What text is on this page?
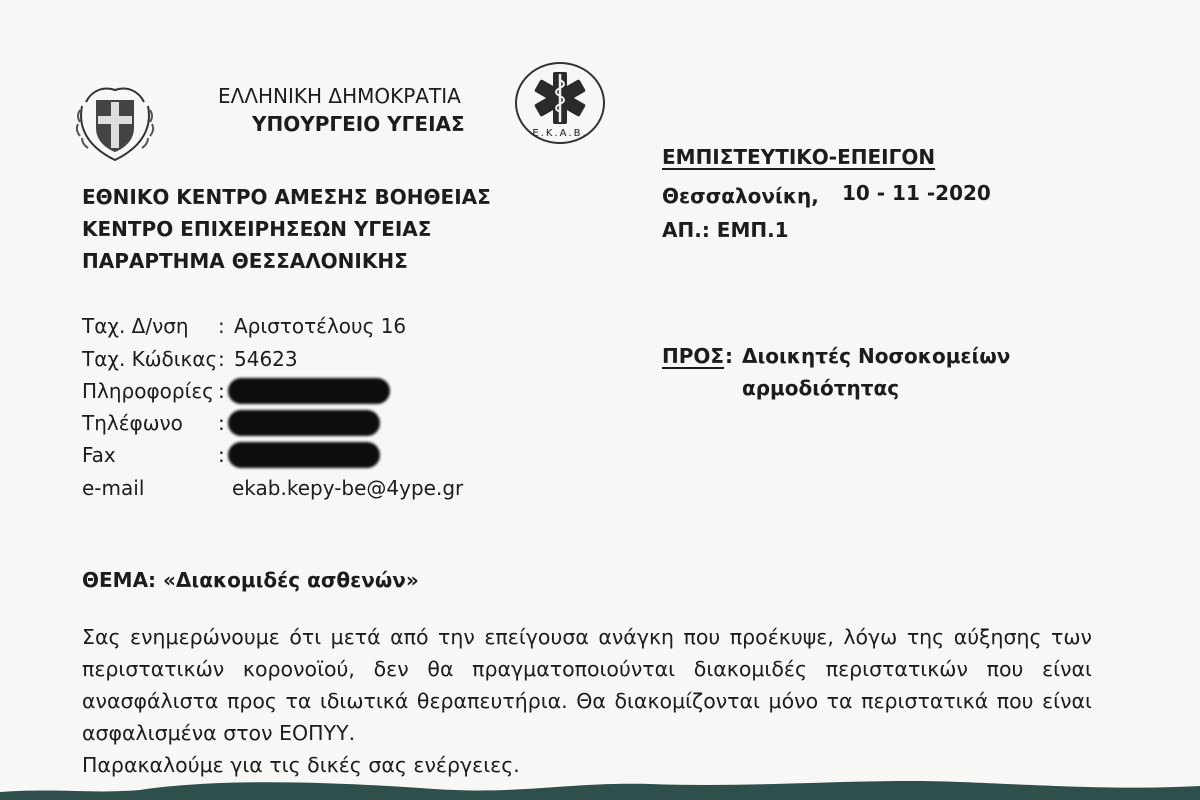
ΕΛΛΗΝΙΚΗ ΔΗΜΟΚΡΑΤΙΑ
ΥΠΟΥΡΓΕΙΟ ΥΓΕΙΑΣ	Ε.Κ.Α.Β.
ΕΘΝΙΚΟ ΚΕΝΤΡΟ ΑΜΕΣΗΣ ΒΟΗΘΕΙΑΣ
ΚΕΝΤΡΟ ΕΠΙΧΕΙΡΗΣΕΩΝ ΥΓΕΙΑΣ
ΠΑΡΑΡΤΗΜΑ ΘΕΣΣΑΛΟΝΙΚΗΣ
ΕΜΠΙΣΤΕΥΤΙΚΟ-ΕΠΕΙΓΟΝ
Θεσσαλονίκη, 10 - 11 -2020
ΑΠ.: ΕΜΠ.1
Ταχ. Δ/νση : Αριστοτέλους 16
Ταχ. Κώδικας : 54623
Πληροφορίες :
Τηλέφωνο :
Fax	:
e-mail	ekab.kepy-be@4ype.gr
ΠΡΟΣ : Διοικητές Νοσοκομείων
αρμοδιότητας
ΘΕΜΑ: «Διακομιδές ασθενών»

Σας ενημερώνουμε ότι μετά από την επείγουσα ανάγκη που προέκυψε, λόγω της αύξησης των

περιστατικών κορονοϊού, δεν θα πραγματοποιούνται διακομιδές περιστατικών που είναι

ανασφάλιστα προς τα ιδιωτικά θεραπευτήρια. Θα διακομίζονται μόνο τα περιστατικά που είναι

ασφαλισμένα στον ΕΟΠΥΥ.

Παρακαλούμε για τις δικές σας ενέργειες.
